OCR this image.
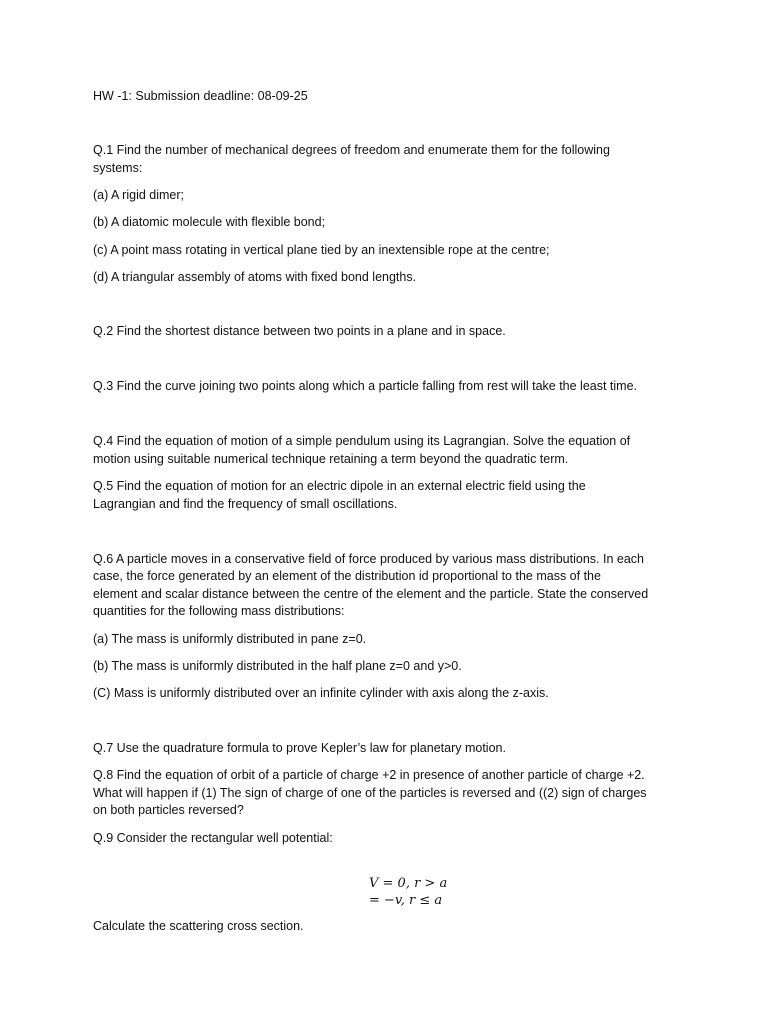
HW -1: Submission deadline: 08-09-25
Q.1 Find the number of mechanical degrees of freedom and enumerate them for the following
systems:
(a) A rigid dimer;
(b) A diatomic molecule with flexible bond;
(c) A point mass rotating in vertical plane tied by an inextensible rope at the centre;
(d) A triangular assembly of atoms with fixed bond lengths.
Q.2 Find the shortest distance between two points in a plane and in space.
Q.3 Find the curve joining two points along which a particle falling from rest will take the least time.
Q.4 Find the equation of motion of a simple pendulum using its Lagrangian. Solve the equation of
motion using suitable numerical technique retaining a term beyond the quadratic term.
Q.5 Find the equation of motion for an electric dipole in an external electric field using the
Lagrangian and find the frequency of small oscillations.
Q.6 A particle moves in a conservative field of force produced by various mass distributions. In each
case, the force generated by an element of the distribution id proportional to the mass of the
element and scalar distance between the centre of the element and the particle. State the conserved
quantities for the following mass distributions:
(a) The mass is uniformly distributed in pane z=0.
(b) The mass is uniformly distributed in the half plane z=0 and y>0.
(C) Mass is uniformly distributed over an infinite cylinder with axis along the z-axis.
Q.7 Use the quadrature formula to prove Kepler’s law for planetary motion.
Q.8 Find the equation of orbit of a particle of charge +2 in presence of another particle of charge +2.
What will happen if (1) The sign of charge of one of the particles is reversed and ((2) sign of charges
on both particles reversed?
Q.9 Consider the rectangular well potential:
V = 0, r > a
= −v, r ≤ a
Calculate the scattering cross section.
